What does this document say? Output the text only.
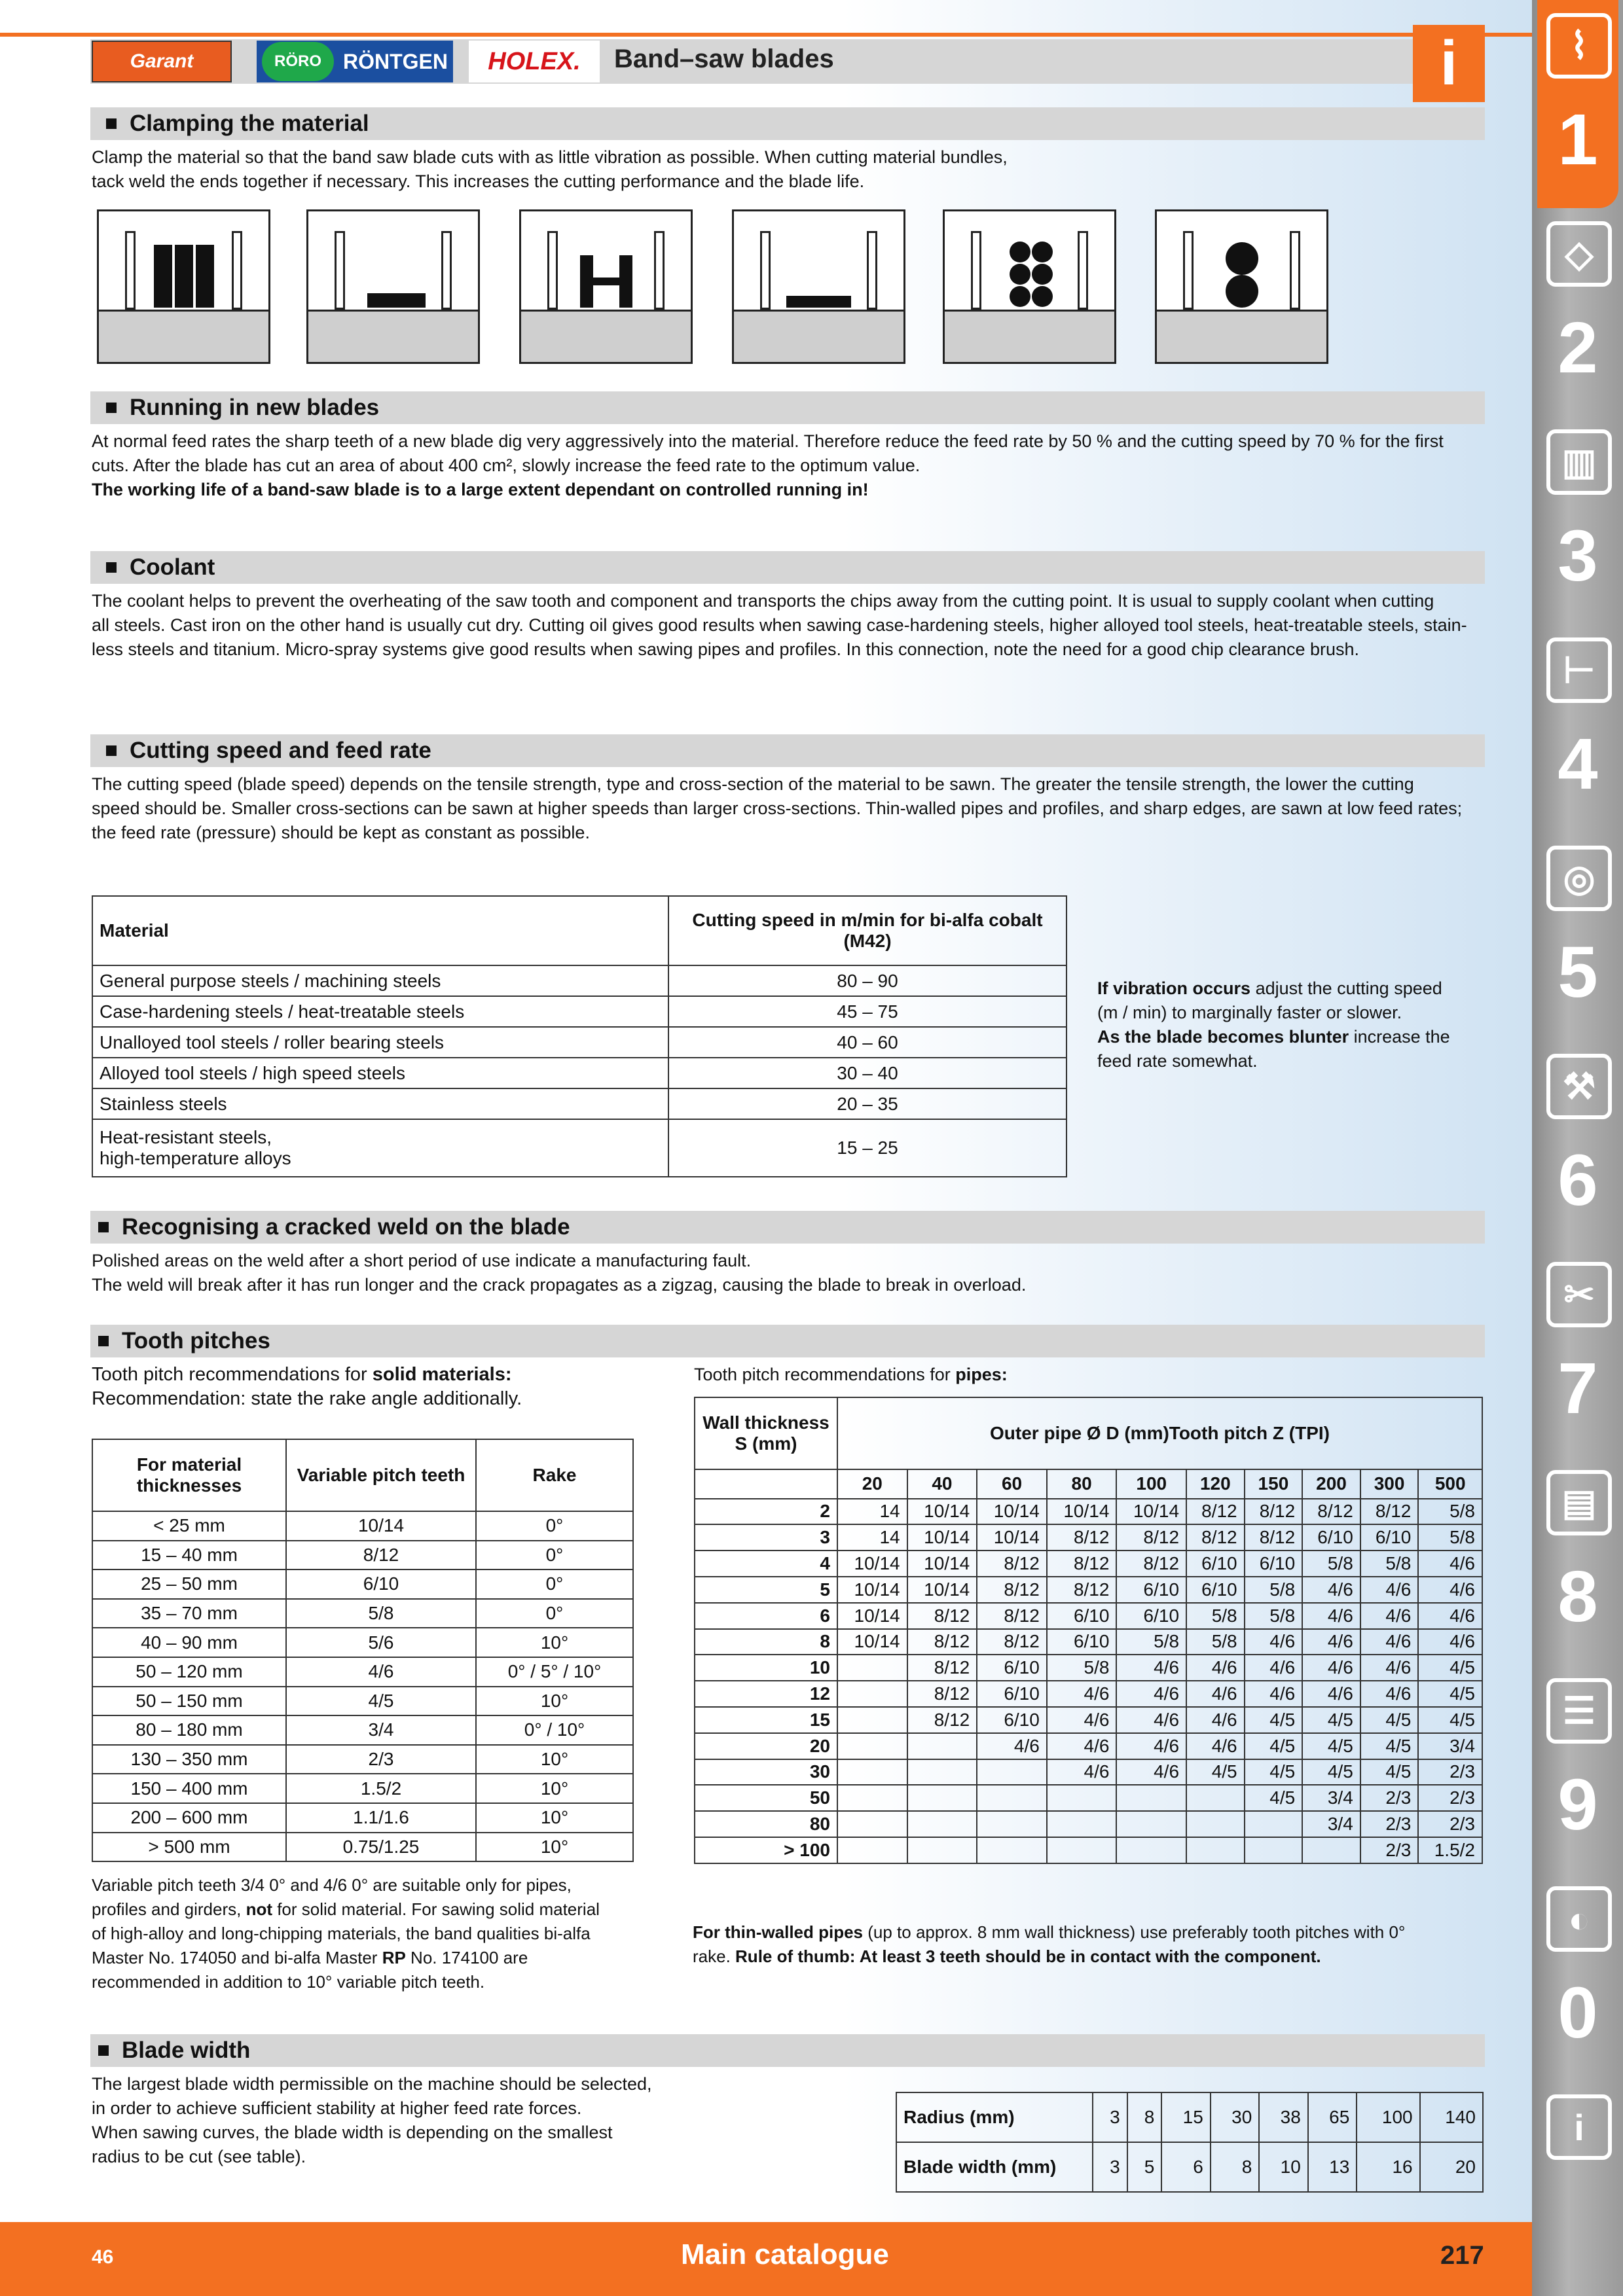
Garant	RÖRO	RÖNTGEN	HOLEX.	Band–saw blades	i	⌇
1
◇
2
▥
3
⊢
4
◎
5
⚒
6
✂
7
▤
8
☰
9
◐
0
i
Clamping the material
Clamp the material so that the band saw blade cuts with as little vibration as possible. When cutting material bundles,
tack weld the ends together if necessary. This increases the cutting performance and the blade life.
Running in new blades
At normal feed rates the sharp teeth of a new blade dig very aggressively into the material. Therefore reduce the feed rate by 50 % and the cutting speed by 70 % for the first
cuts. After the blade has cut an area of about 400 cm², slowly increase the feed rate to the optimum value.
The working life of a band-saw blade is to a large extent dependant on controlled running in!
Coolant
The coolant helps to prevent the overheating of the saw tooth and component and transports the chips away from the cutting point. It is usual to supply coolant when cutting
all steels. Cast iron on the other hand is usually cut dry. Cutting oil gives good results when sawing case-hardening steels, higher alloyed tool steels, heat-treatable steels, stain-
less steels and titanium. Micro-spray systems give good results when sawing pipes and profiles. In this connection, note the need for a good chip clearance brush.
Cutting speed and feed rate
The cutting speed (blade speed) depends on the tensile strength, type and cross-section of the material to be sawn. The greater the tensile strength, the lower the cutting
speed should be. Smaller cross-sections can be sawn at higher speeds than larger cross-sections. Thin-walled pipes and profiles, and sharp edges, are sawn at low feed rates;
the feed rate (pressure) should be kept as constant as possible.
Material	Cutting speed in m/min for bi-alfa cobalt (M42)
General purpose steels / machining steels	80 – 90
Case-hardening steels / heat-treatable steels	45 – 75
Unalloyed tool steels / roller bearing steels	40 – 60
Alloyed tool steels / high speed steels	30 – 40
Stainless steels	20 – 35
Heat-resistant steels,
high-temperature alloys	15 – 25
If vibration occurs adjust the cutting speed (m / min) to marginally faster or slower.
As the blade becomes blunter increase the feed rate somewhat.
Recognising a cracked weld on the blade
Polished areas on the weld after a short period of use indicate a manufacturing fault.
The weld will break after it has run longer and the crack propagates as a zigzag, causing the blade to break in overload.
Tooth pitches
Tooth pitch recommendations for solid materials:
Recommendation: state the rake angle additionally.
For material thicknesses	Variable pitch teeth	Rake
< 25 mm	10/14	0°
15 – 40 mm	8/12	0°
25 – 50 mm	6/10	0°
35 – 70 mm	5/8	0°
40 – 90 mm	5/6	10°
50 – 120 mm	4/6	0° / 5° / 10°
50 – 150 mm	4/5	10°
80 – 180 mm	3/4	0° / 10°
130 – 350 mm	2/3	10°
150 – 400 mm	1.5/2	10°
200 – 600 mm	1.1/1.6	10°
> 500 mm	0.75/1.25	10°
Variable pitch teeth 3/4 0° and 4/6 0° are suitable only for pipes,
profiles and girders, not for solid material. For sawing solid material
of high-alloy and long-chipping materials, the band qualities bi-alfa
Master No. 174050 and bi-alfa Master RP No. 174100 are
recommended in addition to 10° variable pitch teeth.
Tooth pitch recommendations for pipes:
Wall thickness S (mm)	Outer pipe Ø D (mm)Tooth pitch Z (TPI)									
	20	40	60	80	100	120	150	200	300	500
2	14	10/14	10/14	10/14	10/14	8/12	8/12	8/12	8/12	5/8
3	14	10/14	10/14	8/12	8/12	8/12	8/12	6/10	6/10	5/8
4	10/14	10/14	8/12	8/12	8/12	6/10	6/10	5/8	5/8	4/6
5	10/14	10/14	8/12	8/12	6/10	6/10	5/8	4/6	4/6	4/6
6	10/14	8/12	8/12	6/10	6/10	5/8	5/8	4/6	4/6	4/6
8	10/14	8/12	8/12	6/10	5/8	5/8	4/6	4/6	4/6	4/6
10		8/12	6/10	5/8	4/6	4/6	4/6	4/6	4/6	4/5
12		8/12	6/10	4/6	4/6	4/6	4/6	4/6	4/6	4/5
15		8/12	6/10	4/6	4/6	4/6	4/5	4/5	4/5	4/5
20			4/6	4/6	4/6	4/6	4/5	4/5	4/5	3/4
30				4/6	4/6	4/5	4/5	4/5	4/5	2/3
50							4/5	3/4	2/3	2/3
80								3/4	2/3	2/3
> 100									2/3	1.5/2
For thin-walled pipes (up to approx. 8 mm wall thickness) use preferably tooth pitches with 0°
rake. Rule of thumb: At least 3 teeth should be in contact with the component.
Blade width
The largest blade width permissible on the machine should be selected,
in order to achieve sufficient stability at higher feed rate forces.
When sawing curves, the blade width is depending on the smallest
radius to be cut (see table).
Radius (mm)	3	8	15	30	38	65	100	140
Blade width (mm)	3	5	6	8	10	13	16	20
46	Main catalogue	217
